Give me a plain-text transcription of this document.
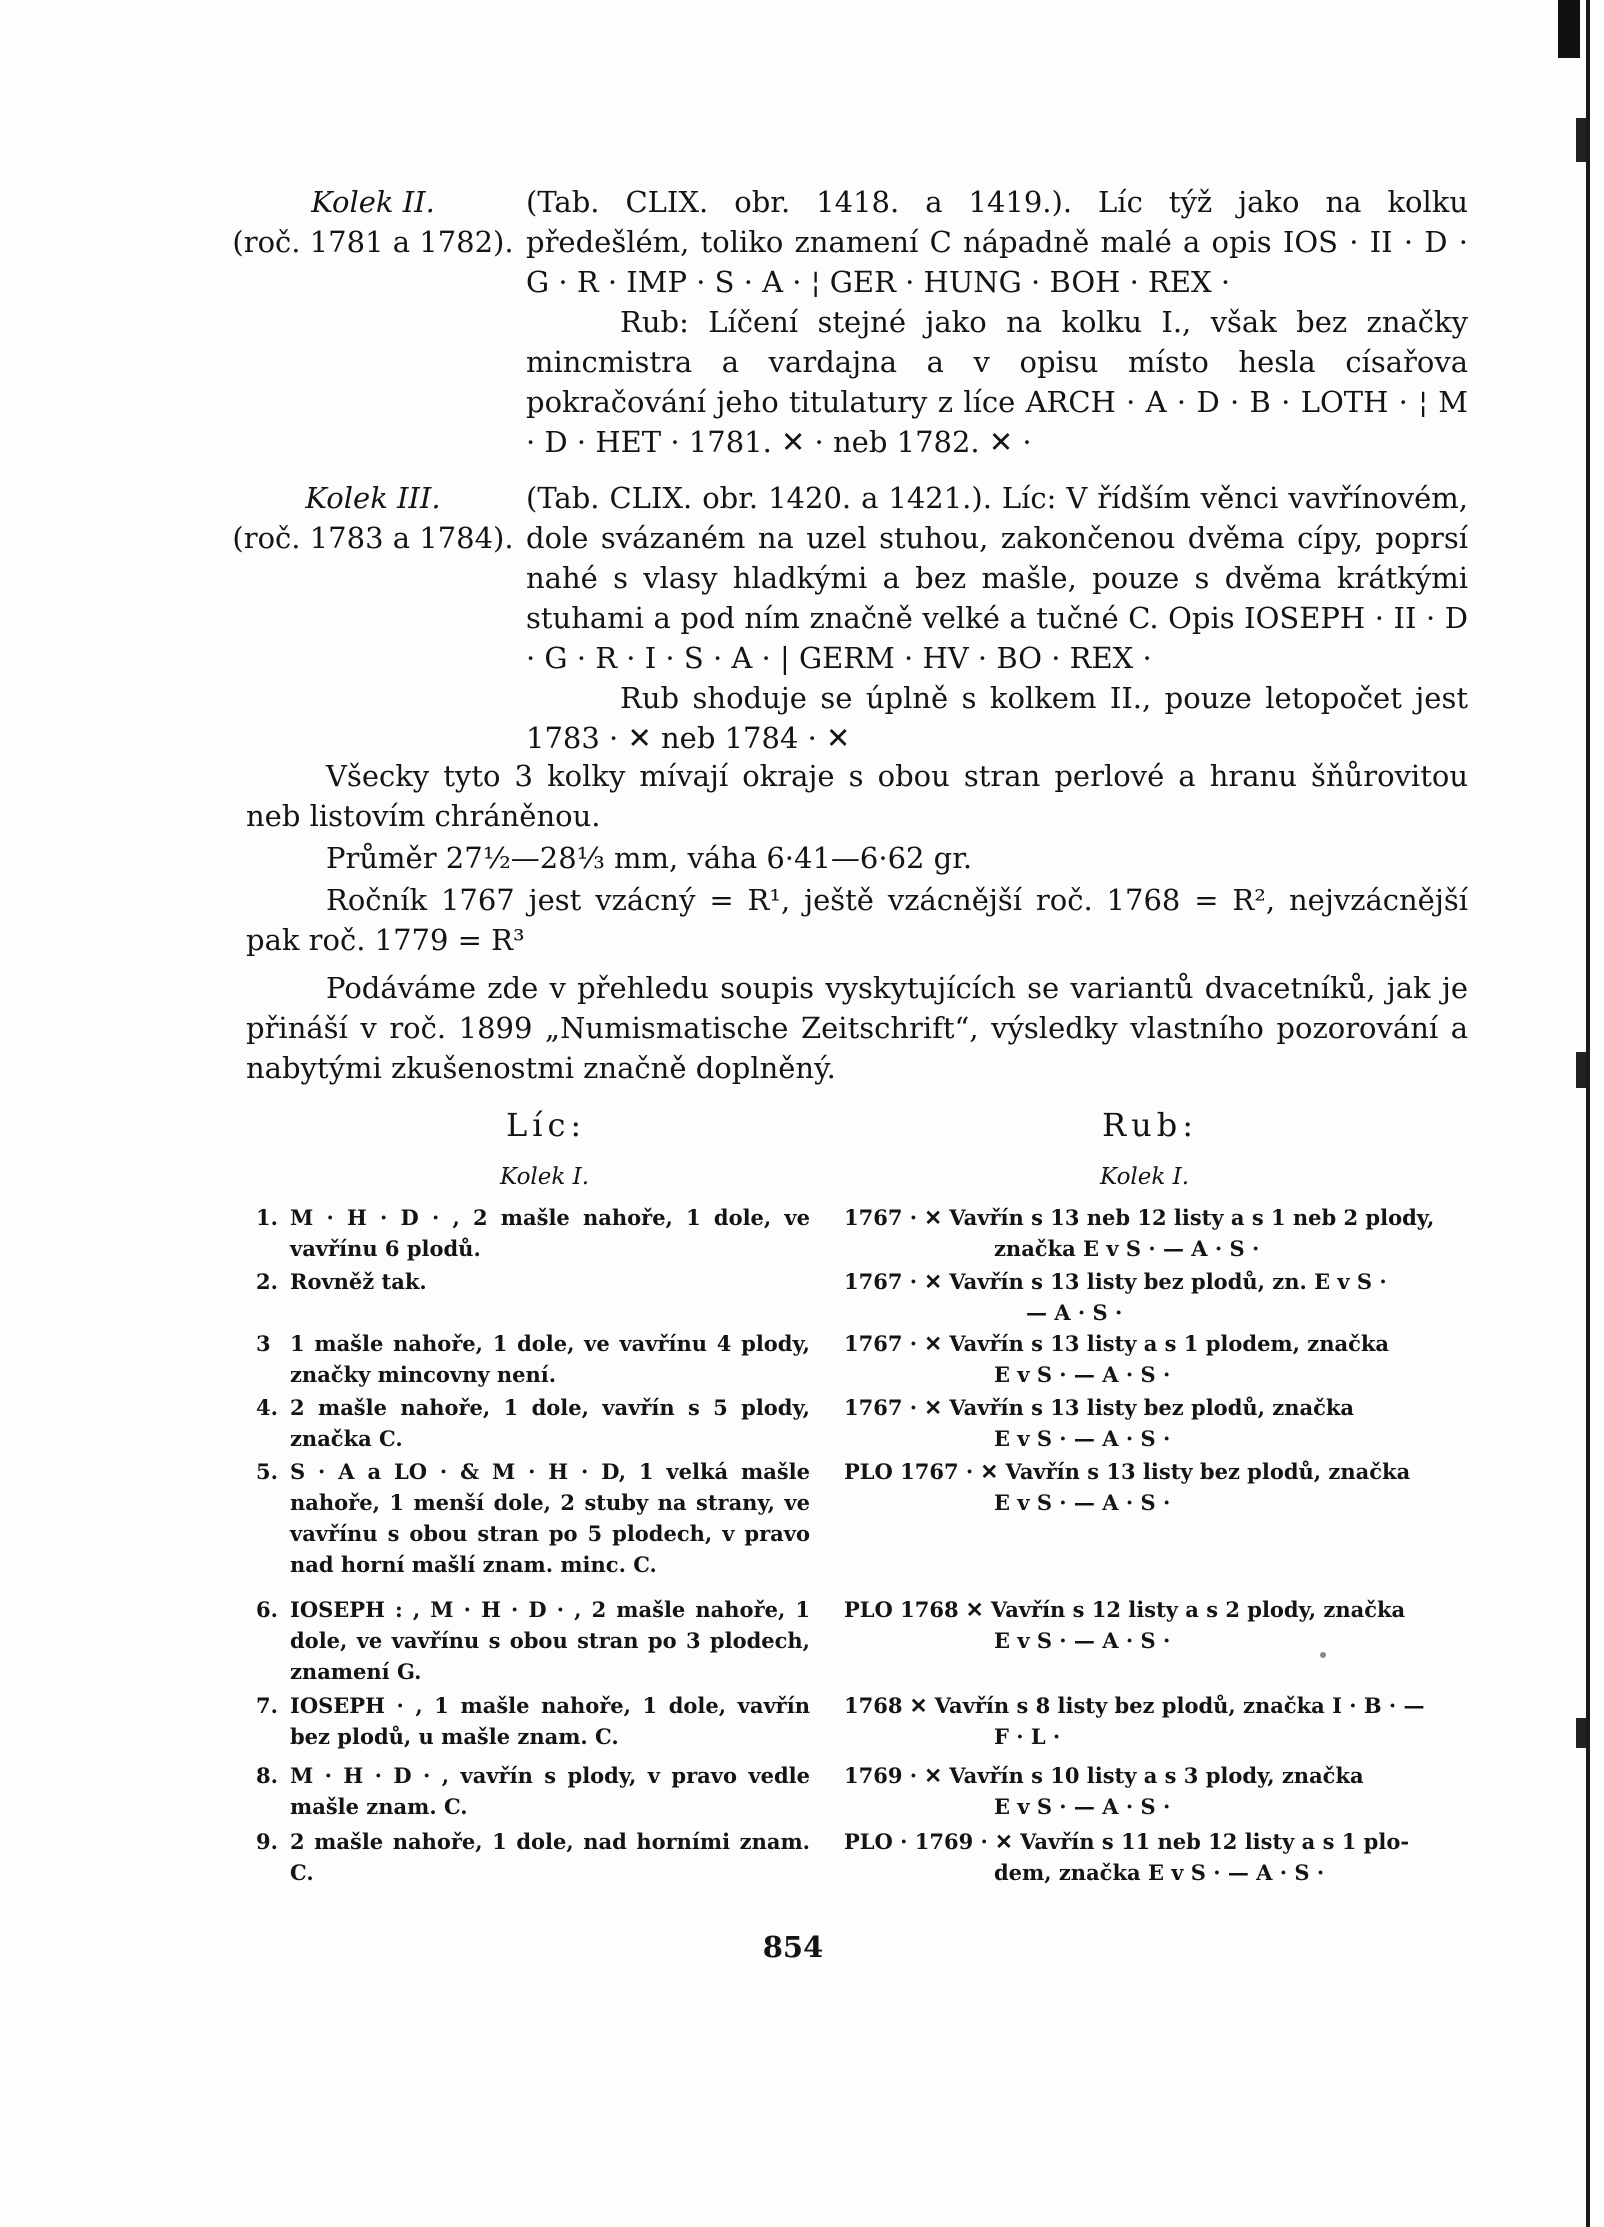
Kolek II.
(roč. 1781 a 1782).

(Tab. CLIX. obr. 1418. a 1419.). Líc týž jako na kolku předešlém, toliko znamení C nápadně malé a opis IOS · II · D · G · R · IMP · S · A · ¦ GER · HUNG · BOH · REX ·

Rub: Líčení stejné jako na kolku I., však bez značky mincmistra a vardajna a v opisu místo hesla císařova pokračování jeho titulatury z líce ARCH · A · D · B · LOTH · ¦ M · D · HET · 1781. ✕ · neb 1782. ✕ ·

Kolek III.
(roč. 1783 a 1784).

(Tab. CLIX. obr. 1420. a 1421.). Líc: V řídším věnci vavřínovém, dole svázaném na uzel stuhou, zakončenou dvěma cípy, poprsí nahé s vlasy hladkými a bez mašle, pouze s dvěma krátkými stuhami a pod ním značně velké a tučné C. Opis IOSEPH · II · D · G · R · I · S · A · | GERM · HV · BO · REX ·

Rub shoduje se úplně s kolkem II., pouze letopočet jest 1783 · ✕ neb 1784 · ✕

Všecky tyto 3 kolky mívají okraje s obou stran perlové a hranu šňůrovitou neb listovím chráněnou.

Průměr 27½—28⅓ mm, váha 6·41—6·62 gr.

Ročník 1767 jest vzácný = R¹, ještě vzácnější roč. 1768 = R², nejvzácnější pak roč. 1779 = R³

Podáváme zde v přehledu soupis vyskytujících se variantů dvacetníků, jak je přináší v roč. 1899 „Numismatische Zeitschrift“, výsledky vlastního pozorování a nabytými zkušenostmi značně doplněný.

Líc:	Rub:
Kolek I.	Kolek I.
1. M · H · D · , 2 mašle nahoře, 1 dole, ve vavřínu 6 plodů.
2. Rovněž tak.
3 1 mašle nahoře, 1 dole, ve vavřínu 4 plody, značky mincovny není.
4. 2 mašle nahoře, 1 dole, vavřín s 5 plody, značka C.
5. S · A a LO · & M · H · D, 1 velká mašle nahoře, 1 menší dole, 2 stuby na strany, ve vavřínu s obou stran po 5 plodech, v pravo nad horní mašlí znam. minc. C.
6. IOSEPH : , M · H · D · , 2 mašle nahoře, 1 dole, ve vavřínu s obou stran po 3 plodech, znamení G.
7. IOSEPH · , 1 mašle nahoře, 1 dole, vavřín bez plodů, u mašle znam. C.
8. M · H · D · , vavřín s plody, v pravo vedle mašle znam. C.
9. 2 mašle nahoře, 1 dole, nad horními znam. C.
1767 · ✕ Vavřín s 13 neb 12 listy a s 1 neb 2 plody,
značka E v S · — A · S ·
1767 · ✕ Vavřín s 13 listy bez plodů, zn. E v S ·
— A · S ·
1767 · ✕ Vavřín s 13 listy a s 1 plodem, značka
E v S · — A · S ·
1767 · ✕ Vavřín s 13 listy bez plodů, značka
E v S · — A · S ·
PLO 1767 · ✕ Vavřín s 13 listy bez plodů, značka
E v S · — A · S ·
PLO 1768 ✕ Vavřín s 12 listy a s 2 plody, značka
E v S · — A · S ·
1768 ✕ Vavřín s 8 listy bez plodů, značka I · B · —
F · L ·
1769 · ✕ Vavřín s 10 listy a s 3 plody, značka
E v S · — A · S ·
PLO · 1769 · ✕ Vavřín s 11 neb 12 listy a s 1 plo-
dem, značka E v S · — A · S ·
854
